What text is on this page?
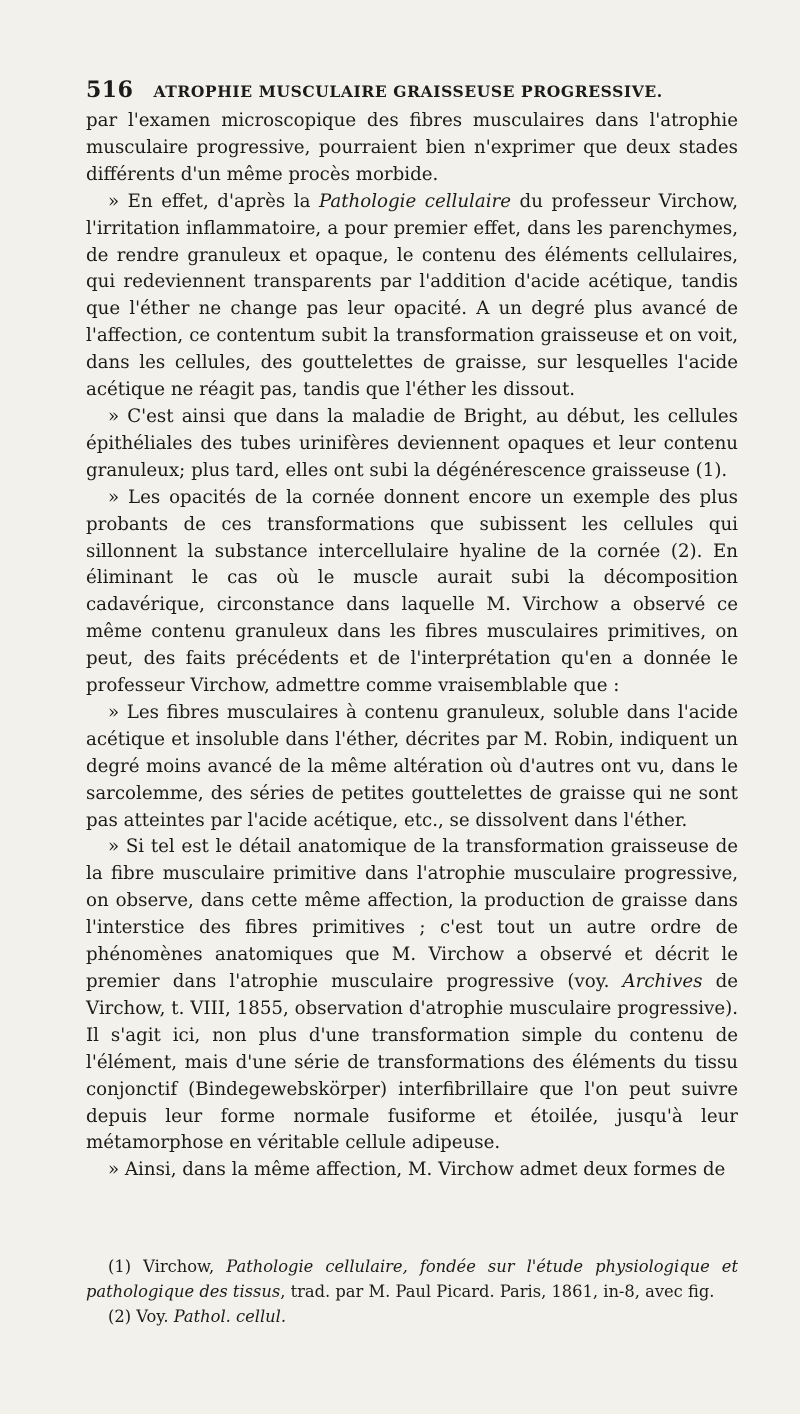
516 ATROPHIE MUSCULAIRE GRAISSEUSE PROGRESSIVE.

par l'examen microscopique des fibres musculaires dans l'atrophie musculaire progressive, pourraient bien n'exprimer que deux stades différents d'un même procès morbide.

» En effet, d'après la Pathologie cellulaire du professeur Virchow, l'irritation inflammatoire, a pour premier effet, dans les parenchymes, de rendre granuleux et opaque, le contenu des éléments cellulaires, qui redeviennent transparents par l'addition d'acide acétique, tandis que l'éther ne change pas leur opacité. A un degré plus avancé de l'affection, ce contentum subit la transformation graisseuse et on voit, dans les cellules, des gouttelettes de graisse, sur lesquelles l'acide acétique ne réagit pas, tandis que l'éther les dissout.

» C'est ainsi que dans la maladie de Bright, au début, les cellules épithéliales des tubes urinifères deviennent opaques et leur contenu granuleux; plus tard, elles ont subi la dégénérescence graisseuse (1).

» Les opacités de la cornée donnent encore un exemple des plus probants de ces transformations que subissent les cellules qui sillonnent la substance intercellulaire hyaline de la cornée (2). En éliminant le cas où le muscle aurait subi la décomposition cadavérique, circonstance dans laquelle M. Virchow a observé ce même contenu granuleux dans les fibres musculaires primitives, on peut, des faits précédents et de l'interprétation qu'en a donnée le professeur Virchow, admettre comme vraisemblable que :

» Les fibres musculaires à contenu granuleux, soluble dans l'acide acétique et insoluble dans l'éther, décrites par M. Robin, indiquent un degré moins avancé de la même altération où d'autres ont vu, dans le sarcolemme, des séries de petites gouttelettes de graisse qui ne sont pas atteintes par l'acide acétique, etc., se dissolvent dans l'éther.

» Si tel est le détail anatomique de la transformation graisseuse de la fibre musculaire primitive dans l'atrophie musculaire progressive, on observe, dans cette même affection, la production de graisse dans l'interstice des fibres primitives ; c'est tout un autre ordre de phénomènes anatomiques que M. Virchow a observé et décrit le premier dans l'atrophie musculaire progressive (voy. Archives de Virchow, t. VIII, 1855, observation d'atrophie musculaire progressive). Il s'agit ici, non plus d'une transformation simple du contenu de l'élément, mais d'une série de transformations des éléments du tissu conjonctif (Bindegewebskörper) interfibrillaire que l'on peut suivre depuis leur forme normale fusiforme et étoilée, jusqu'à leur métamorphose en véritable cellule adipeuse.

» Ainsi, dans la même affection, M. Virchow admet deux formes de

(1) Virchow, Pathologie cellulaire, fondée sur l'étude physiologique et pathologique des tissus, trad. par M. Paul Picard. Paris, 1861, in-8, avec fig.

(2) Voy. Pathol. cellul.
